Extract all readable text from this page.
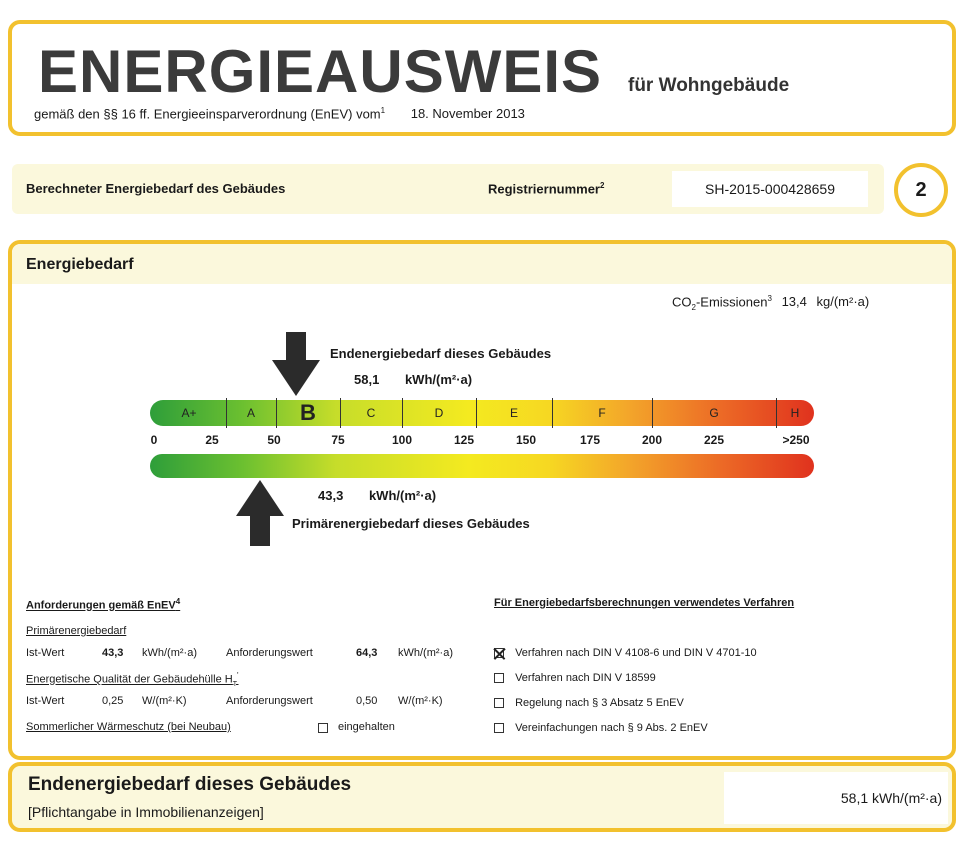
ENERGIEAUSWEIS für Wohngebäude
gemäß den §§ 16 ff. Energieeinsparverordnung (EnEV) vom$^1$ 18. November 2013
Berechneter Energiebedarf des Gebäudes	Registriernummer$^2$	SH-2015-000428659	2
Energiebedarf
$CO_2-Emissionen^3$ 13,4 kg/(m²·a)
Endenergiebedarf dieses Gebäudes
58,1 kWh/(m²·a)
A+	A	B	C	D	E	F	G	H
0	25	50	75	100	125	150	175	200	225	>250
43,3 kWh/(m²·a)
Primärenergiebedarf dieses Gebäudes
Anforderungen gemäß EnEV$^4$
Primärenergiebedarf
Ist-Wert	43,3 kWh/(m²·a)	Anforderungswert	64,3 kWh/(m²·a)
Energetische Qualität der Gebäudehülle $H_T'$
Ist-Wert	0,25 W/(m²·K)	Anforderungswert	0,50 W/(m²·K)
Sommerlicher Wärmeschutz (bei Neubau)	eingehalten
Für Energiebedarfsberechnungen verwendetes Verfahren
Verfahren nach DIN V 4108-6 und DIN V 4701-10
Verfahren nach DIN V 18599
Regelung nach § 3 Absatz 5 EnEV
Vereinfachungen nach § 9 Abs. 2 EnEV
Endenergiebedarf dieses Gebäudes
[Pflichtangabe in Immobilienanzeigen]
58,1 kWh/(m²·a)
